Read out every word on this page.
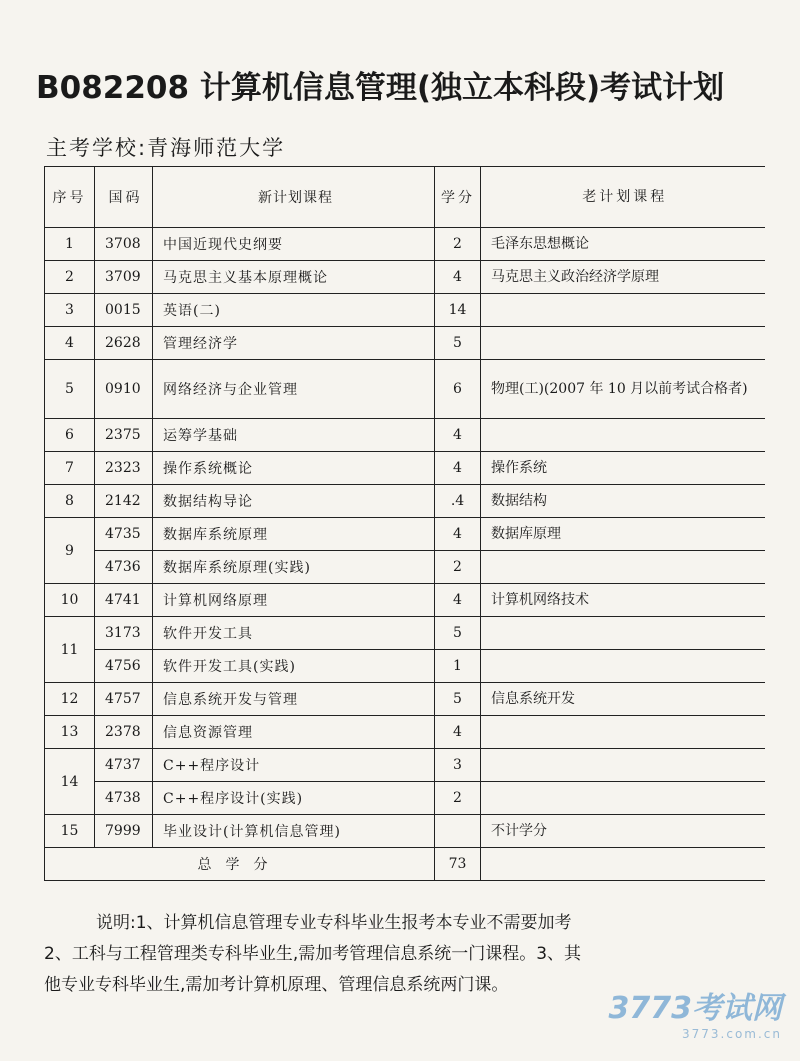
B082208 计算机信息管理(独立本科段)考试计划
主考学校:青海师范大学
序号	国码	新计划课程	学分	老计划课程
1	3708	中国近现代史纲要	2	毛泽东思想概论
2	3709	马克思主义基本原理概论	4	马克思主义政治经济学原理
3	0015	英语(二)	14	
4	2628	管理经济学	5	
5	0910	网络经济与企业管理	6	物理(工)(2007 年 10 月以前考试合格者)
6	2375	运筹学基础	4	
7	2323	操作系统概论	4	操作系统
8	2142	数据结构导论	.4	数据结构
9	4735	数据库系统原理	4	数据库原理
	4736	数据库系统原理(实践)	2	
10	4741	计算机网络原理	4	计算机网络技术
11	3173	软件开发工具	5	
	4756	软件开发工具(实践)	1	
12	4757	信息系统开发与管理	5	信息系统开发
13	2378	信息资源管理	4	
14	4737	C++程序设计	3	
	4738	C++程序设计(实践)	2	
15	7999	毕业设计(计算机信息管理)		不计学分
总学分			73	

说明:1、计算机信息管理专业专科毕业生报考本专业不需要加考

2、工科与工程管理类专科毕业生,需加考管理信息系统一门课程。3、其

他专业专科毕业生,需加考计算机原理、管理信息系统两门课。

3773考试网
3773.com.cn
